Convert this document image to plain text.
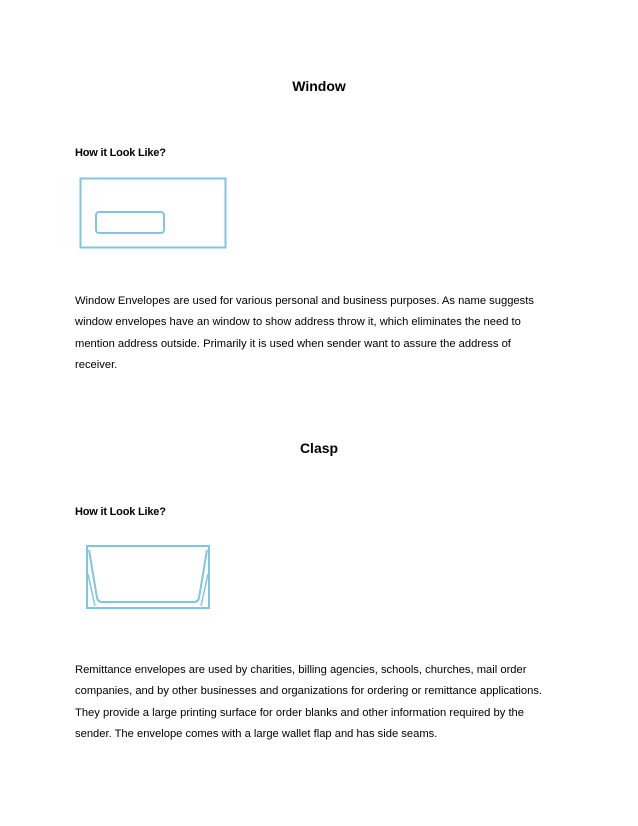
Window

How it Look Like?

Window Envelopes are used for various personal and business purposes. As name suggests
window envelopes have an window to show address throw it, which eliminates the need to
mention address outside. Primarily it is used when sender want to assure the address of
receiver.
Clasp

How it Look Like?

Remittance envelopes are used by charities, billing agencies, schools, churches, mail order
companies, and by other businesses and organizations for ordering or remittance applications.
They provide a large printing surface for order blanks and other information required by the
sender. The envelope comes with a large wallet flap and has side seams.
